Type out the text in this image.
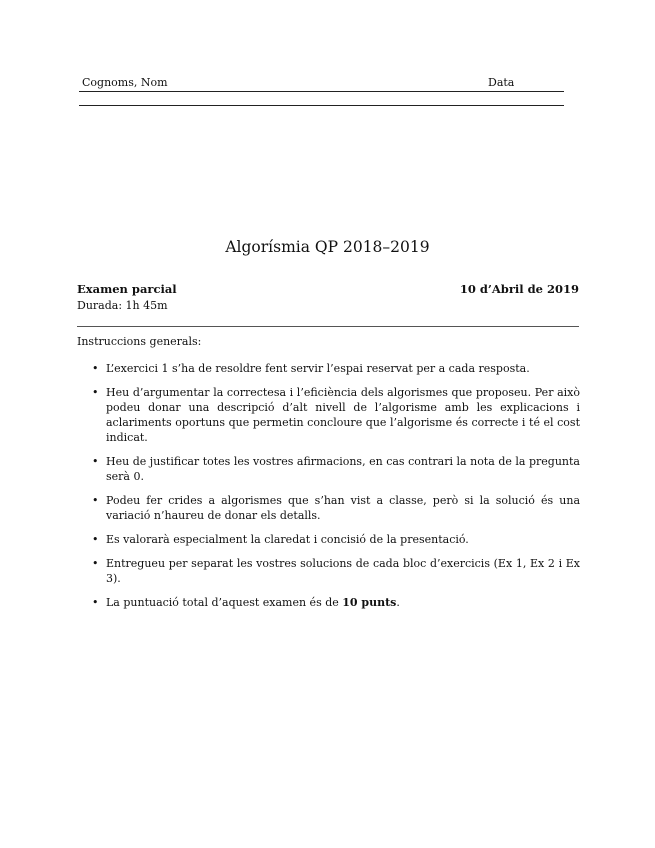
Cognoms, Nom	Data
Algorísmia QP 2018–2019
Examen parcial	10 d’Abril de 2019
Durada: 1h 45m
Instruccions generals:
• L’exercici 1 s’ha de resoldre fent servir l’espai reservat per a cada resposta.
• Heu d’argumentar la correctesa i l’eficiència dels algorismes que proposeu. Per això podeu donar una descripció d’alt nivell de l’algorisme amb les explicacions i aclariments oportuns que permetin concloure que l’algorisme és correcte i té el cost indicat.
• Heu de justificar totes les vostres afirmacions, en cas contrari la nota de la pregunta serà 0.
• Podeu fer crides a algorismes que s’han vist a classe, però si la solució és una variació n’haureu de donar els detalls.
• Es valorarà especialment la claredat i concisió de la presentació.
• Entregueu per separat les vostres solucions de cada bloc d’exercicis (Ex 1, Ex 2 i Ex 3).
• La puntuació total d’aquest examen és de 10 punts.
